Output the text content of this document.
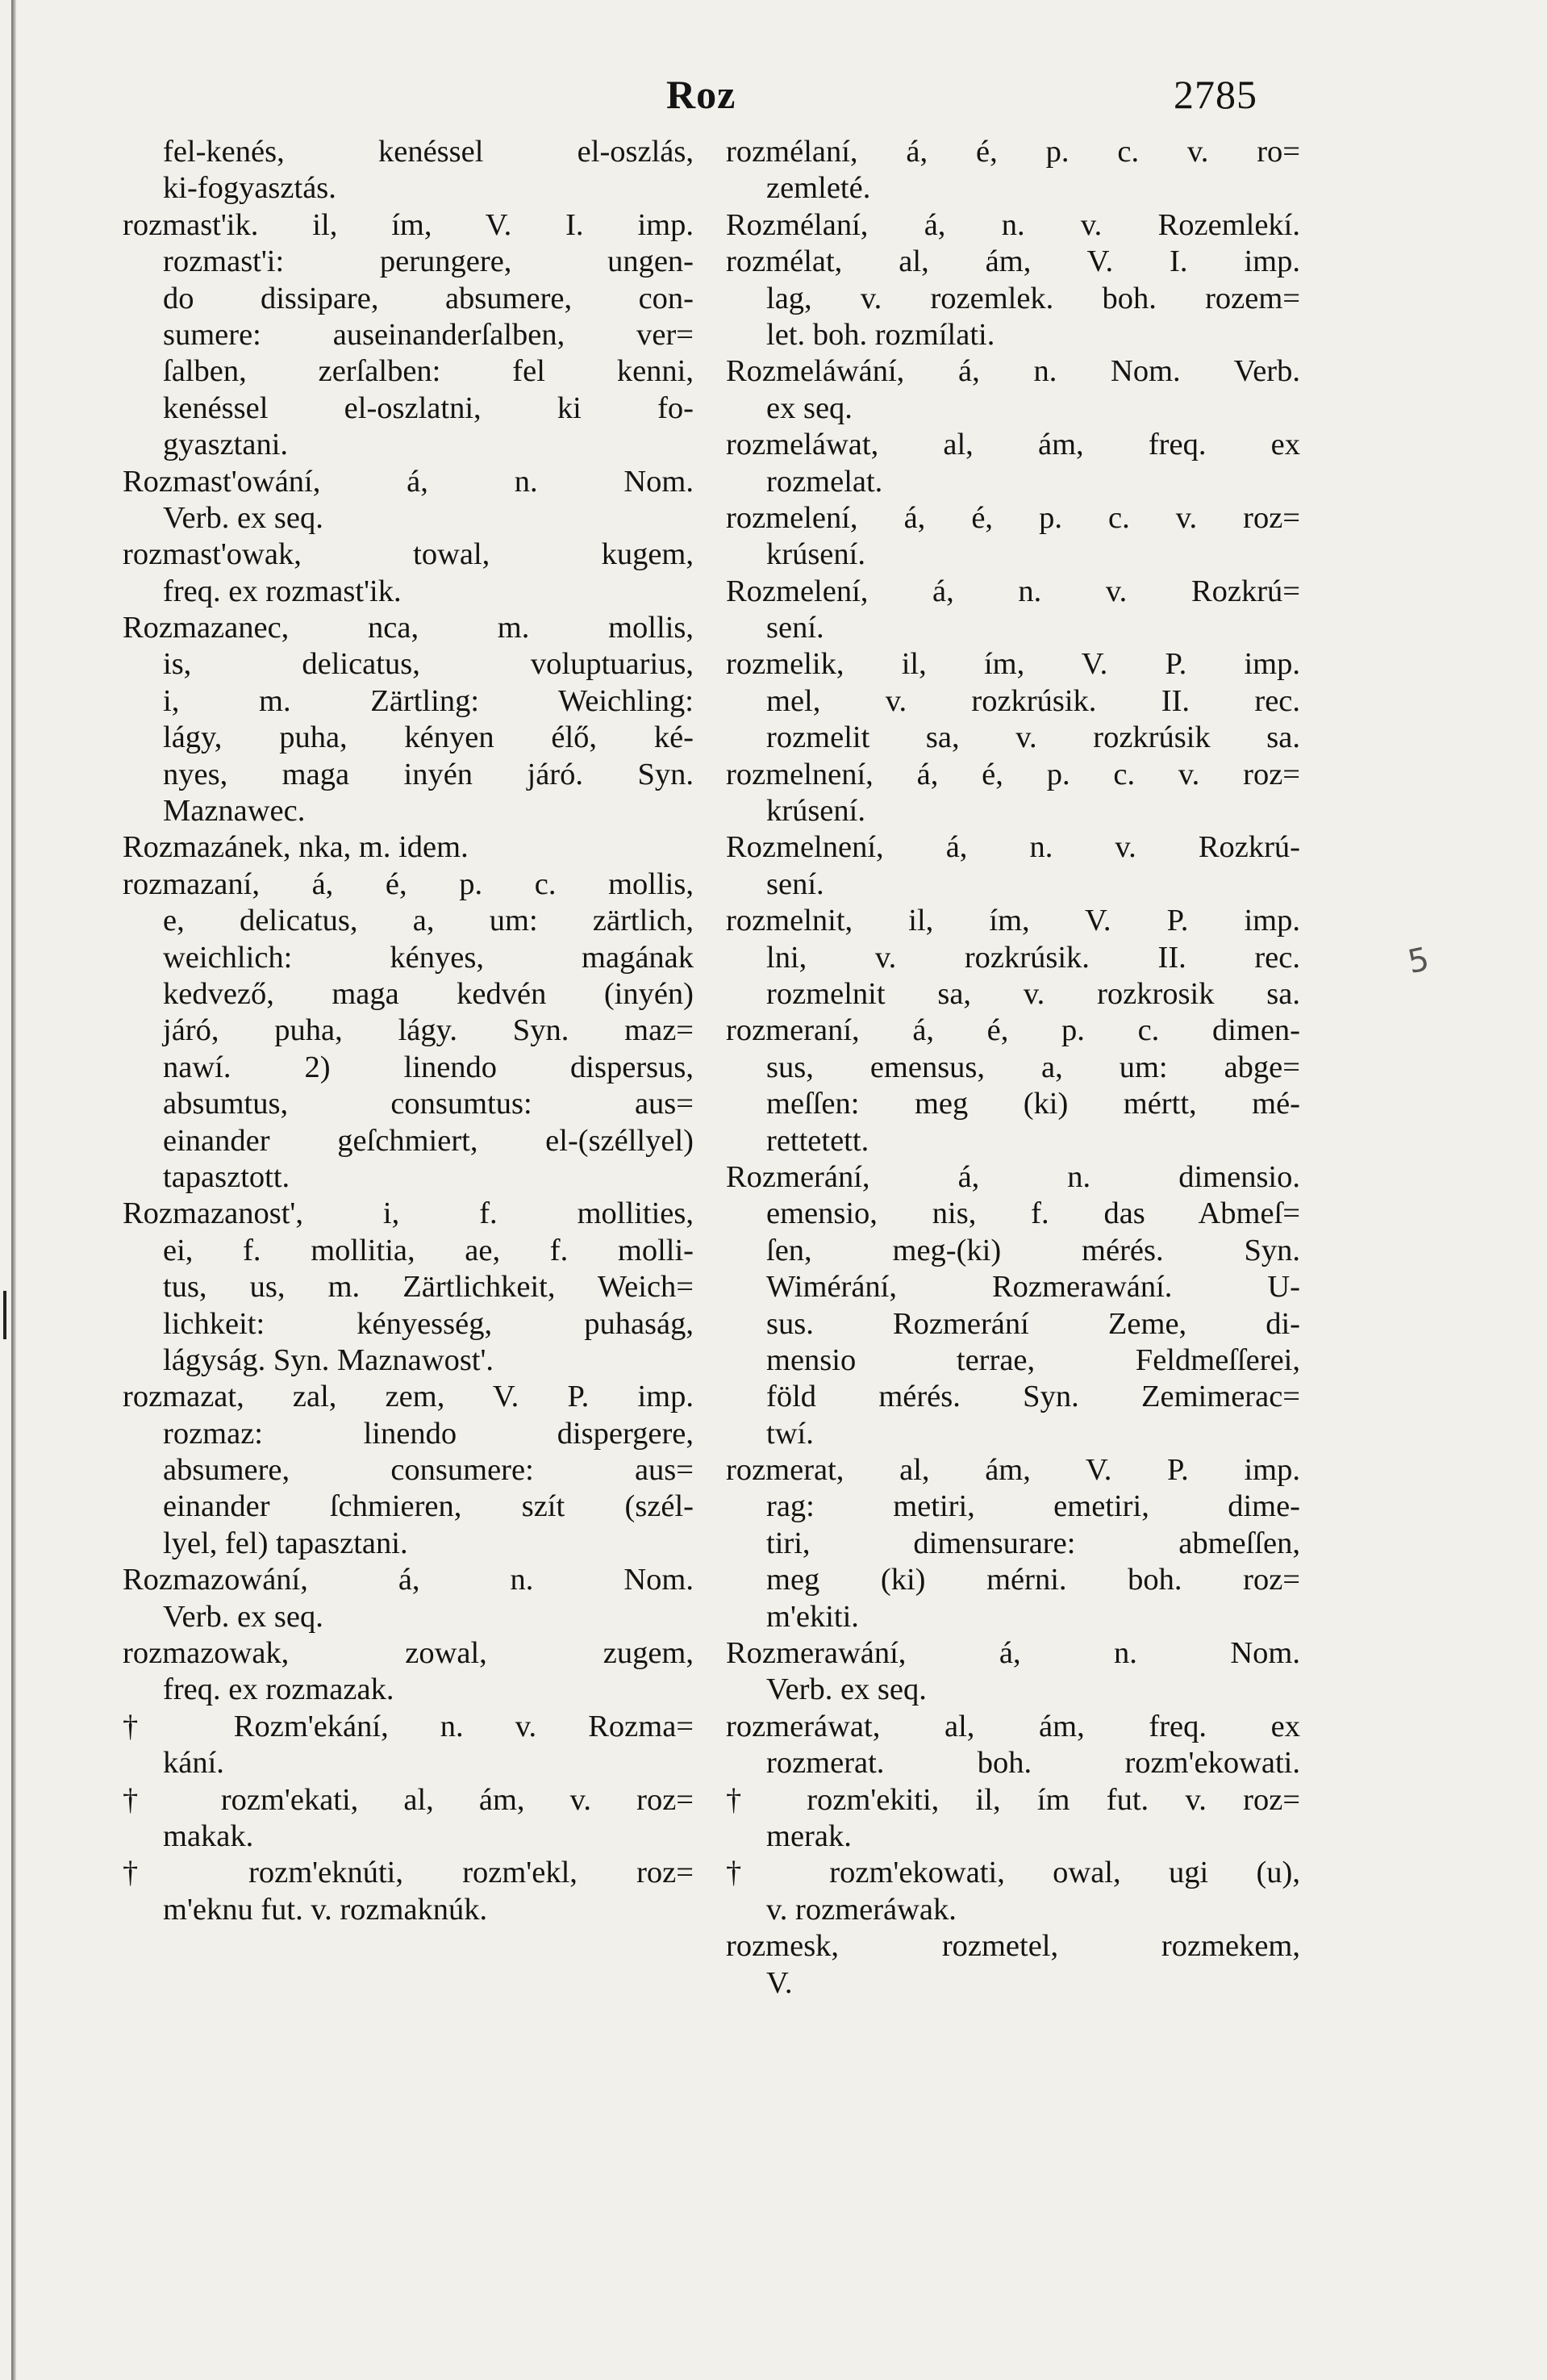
Roz	2785
fel-kenés, kenéssel el-oszlás,
ki-fogyasztás.
rozmast'ik. il, ím, V. I. imp.
rozmast'i: perungere, ungen-
do dissipare, absumere, con-
sumere: auseinanderſalben, ver=
ſalben, zerſalben: fel kenni,
kenéssel el-oszlatni, ki fo-
gyasztani.
Rozmast'owání, á, n. Nom.
Verb. ex seq.
rozmast'owak, towal, kugem,
freq. ex rozmast'ik.
Rozmazanec, nca, m. mollis,
is, delicatus, voluptuarius,
i, m. Zärtling: Weichling:
lágy, puha, kényen élő, ké-
nyes, maga inyén járó. Syn.
Maznawec.
Rozmazánek, nka, m. idem.
rozmazaní, á, é, p. c. mollis,
e, delicatus, a, um: zärtlich,
weichlich: kényes, magának
kedvező, maga kedvén (inyén)
járó, puha, lágy. Syn. maz=
nawí. 2) linendo dispersus,
absumtus, consumtus: aus=
einander geſchmiert, el-(széllyel)
tapasztott.
Rozmazanost', i, f. mollities,
ei, f. mollitia, ae, f. molli-
tus, us, m. Zärtlichkeit, Weich=
lichkeit: kényesség, puhaság,
lágyság. Syn. Maznawost'.
rozmazat, zal, zem, V. P. imp.
rozmaz: linendo dispergere,
absumere, consumere: aus=
einander ſchmieren, szít (szél-
lyel, fel) tapasztani.
Rozmazowání, á, n. Nom.
Verb. ex seq.
rozmazowak, zowal, zugem,
freq. ex rozmazak.
† Rozm'ekání, n. v. Rozma=
kání.
† rozm'ekati, al, ám, v. roz=
makak.
† rozm'eknúti, rozm'ekl, roz=
m'eknu fut. v. rozmaknúk.
rozmélaní, á, é, p. c. v. ro=
zemleté.
Rozmélaní, á, n. v. Rozemlekí.
rozmélat, al, ám, V. I. imp.
lag, v. rozemlek. boh. rozem=
let. boh. rozmílati.
Rozmeláwání, á, n. Nom. Verb.
ex seq.
rozmeláwat, al, ám, freq. ex
rozmelat.
rozmelení, á, é, p. c. v. roz=
krúsení.
Rozmelení, á, n. v. Rozkrú=
sení.
rozmelik, il, ím, V. P. imp.
mel, v. rozkrúsik. II. rec.
rozmelit sa, v. rozkrúsik sa.
rozmelnení, á, é, p. c. v. roz=
krúsení.
Rozmelnení, á, n. v. Rozkrú-
sení.
rozmelnit, il, ím, V. P. imp.
lni, v. rozkrúsik. II. rec.
rozmelnit sa, v. rozkrosik sa.
rozmeraní, á, é, p. c. dimen-
sus, emensus, a, um: abge=
meſſen: meg (ki) mértt, mé-
rettetett.
Rozmerání, á, n. dimensio.
emensio, nis, f. das Abmeſ=
ſen, meg-(ki) mérés. Syn.
Wimérání, Rozmerawání. U-
sus. Rozmerání Zeme, di-
mensio terrae, Feldmeſſerei,
föld mérés. Syn. Zemimerac=
twí.
rozmerat, al, ám, V. P. imp.
rag: metiri, emetiri, dime-
tiri, dimensurare: abmeſſen,
meg (ki) mérni. boh. roz=
m'ekiti.
Rozmerawání, á, n. Nom.
Verb. ex seq.
rozmeráwat, al, ám, freq. ex
rozmerat. boh. rozm'ekowati.
† rozm'ekiti, il, ím fut. v. roz=
merak.
† rozm'ekowati, owal, ugi (u),
v. rozmeráwak.
rozmesk, rozmetel, rozmekem,
V.
5
